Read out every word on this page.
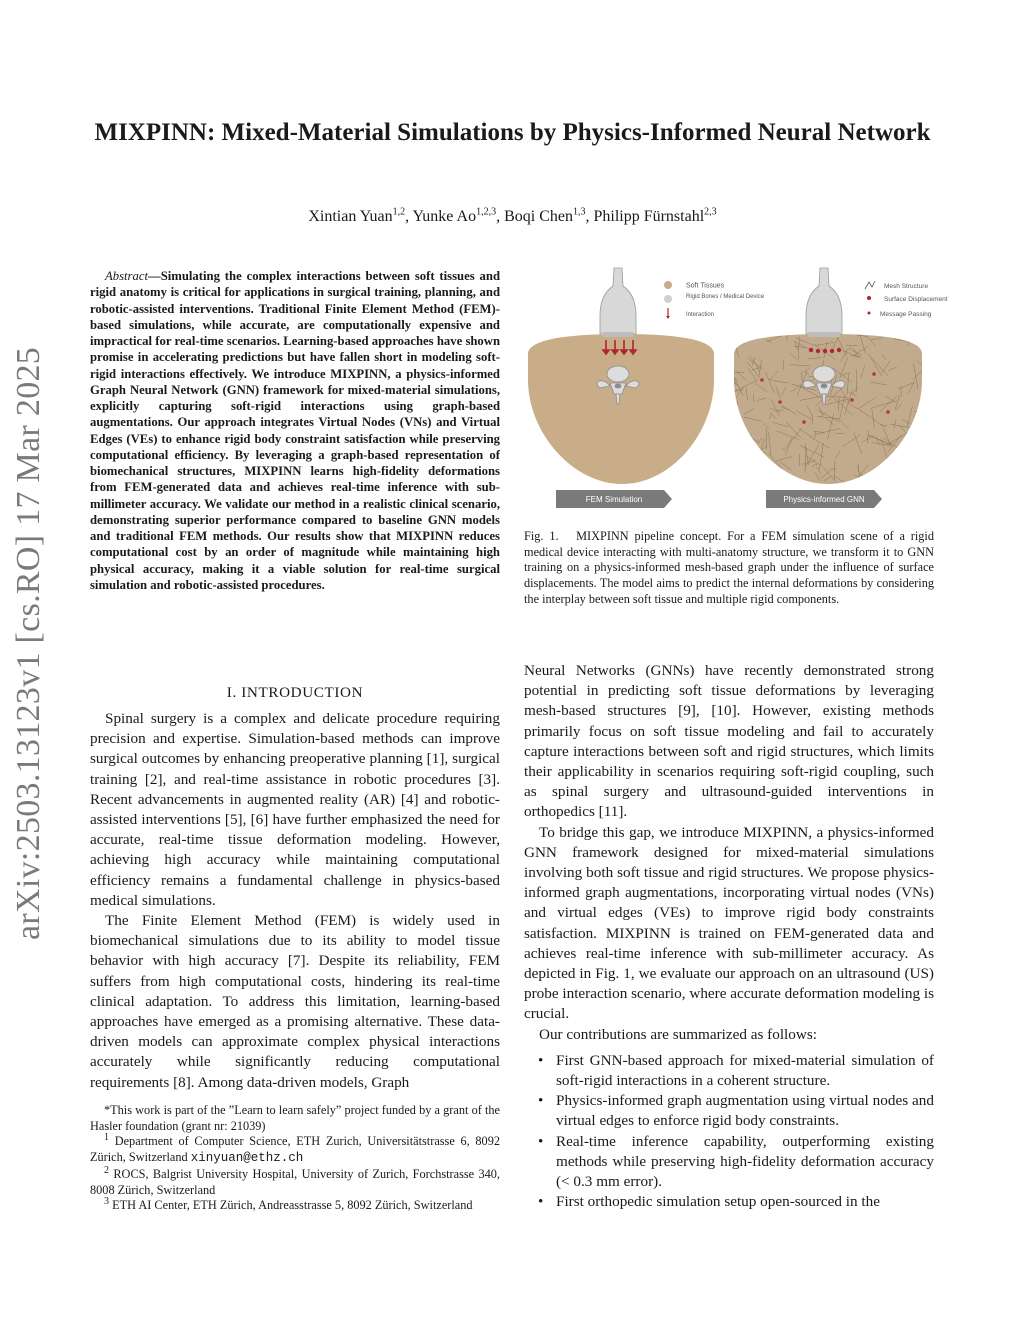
arXiv:2503.13123v1 [cs.RO] 17 Mar 2025
MIXPINN: Mixed-Material Simulations by Physics-Informed Neural Network
Xintian Yuan$^{1,2}$, Yunke Ao$^{1,2,3}$, Boqi Chen$^{1,3}$, Philipp Fürnstahl$^{2,3}$
Abstract—Simulating the complex interactions between soft tissues and rigid anatomy is critical for applications in surgical training, planning, and robotic-assisted interventions. Traditional Finite Element Method (FEM)-based simulations, while accurate, are computationally expensive and impractical for real-time scenarios. Learning-based approaches have shown promise in accelerating predictions but have fallen short in modeling soft-rigid interactions effectively. We introduce MIXPINN, a physics-informed Graph Neural Network (GNN) framework for mixed-material simulations, explicitly capturing soft-rigid interactions using graph-based augmentations. Our approach integrates Virtual Nodes (VNs) and Virtual Edges (VEs) to enhance rigid body constraint satisfaction while preserving computational efficiency. By leveraging a graph-based representation of biomechanical structures, MIXPINN learns high-fidelity deformations from FEM-generated data and achieves real-time inference with sub-millimeter accuracy. We validate our method in a realistic clinical scenario, demonstrating superior performance compared to baseline GNN models and traditional FEM methods. Our results show that MIXPINN reduces computational cost by an order of magnitude while maintaining high physical accuracy, making it a viable solution for real-time surgical simulation and robotic-assisted procedures.
I. INTRODUCTION

Spinal surgery is a complex and delicate procedure requiring precision and expertise. Simulation-based methods can improve surgical outcomes by enhancing preoperative planning [1], surgical training [2], and real-time assistance in robotic procedures [3]. Recent advancements in augmented reality (AR) [4] and robotic-assisted interventions [5], [6] have further emphasized the need for accurate, real-time tissue deformation modeling. However, achieving high accuracy while maintaining computational efficiency remains a fundamental challenge in physics-based medical simulations.

The Finite Element Method (FEM) is widely used in biomechanical simulations due to its ability to model tissue behavior with high accuracy [7]. Despite its reliability, FEM suffers from high computational costs, hindering its real-time clinical adaptation. To address this limitation, learning-based approaches have emerged as a promising alternative. These data-driven models can approximate complex physical interactions accurately while significantly reducing computational requirements [8]. Among data-driven models, Graph

*This work is part of the ”Learn to learn safely” project funded by a grant of the Hasler foundation (grant nr: 21039)

$^1$ Department of Computer Science, ETH Zurich, Universitätstrasse 6, 8092 Zürich, Switzerland xinyuan@ethz.ch

$^2$ ROCS, Balgrist University Hospital, University of Zurich, Forchstrasse 340, 8008 Zürich, Switzerland

$^3$ ETH AI Center, ETH Zürich, Andreasstrasse 5, 8092 Zürich, Switzerland

Soft Tissues
Rigid Bones / Medical Device
Interaction
Mesh Structure
Surface Displacement
Message Passing
FEM Simulation	Physics-informed GNN
Fig. 1. MIXPINN pipeline concept. For a FEM simulation scene of a rigid medical device interacting with multi-anatomy structure, we transform it to GNN training on a physics-informed mesh-based graph under the influence of surface displacements. The model aims to predict the internal deformations by considering the interplay between soft tissue and multiple rigid components.

Neural Networks (GNNs) have recently demonstrated strong potential in predicting soft tissue deformations by leveraging mesh-based structures [9], [10]. However, existing methods primarily focus on soft tissue modeling and fail to accurately capture interactions between soft and rigid structures, which limits their applicability in scenarios requiring soft-rigid coupling, such as spinal surgery and ultrasound-guided interventions in orthopedics [11].

To bridge this gap, we introduce MIXPINN, a physics-informed GNN framework designed for mixed-material simulations involving both soft tissue and rigid structures. We propose physics-informed graph augmentations, incorporating virtual nodes (VNs) and virtual edges (VEs) to improve rigid body constraints satisfaction. MIXPINN is trained on FEM-generated data and achieves real-time inference with sub-millimeter accuracy. As depicted in Fig. 1, we evaluate our approach on an ultrasound (US) probe interaction scenario, where accurate deformation modeling is crucial.

Our contributions are summarized as follows:

• First GNN-based approach for mixed-material simulation of soft-rigid interactions in a coherent structure.
• Physics-informed graph augmentation using virtual nodes and virtual edges to enforce rigid body constraints.
• Real-time inference capability, outperforming existing methods while preserving high-fidelity deformation accuracy (< 0.3 mm error).
• First orthopedic simulation setup open-sourced in the
